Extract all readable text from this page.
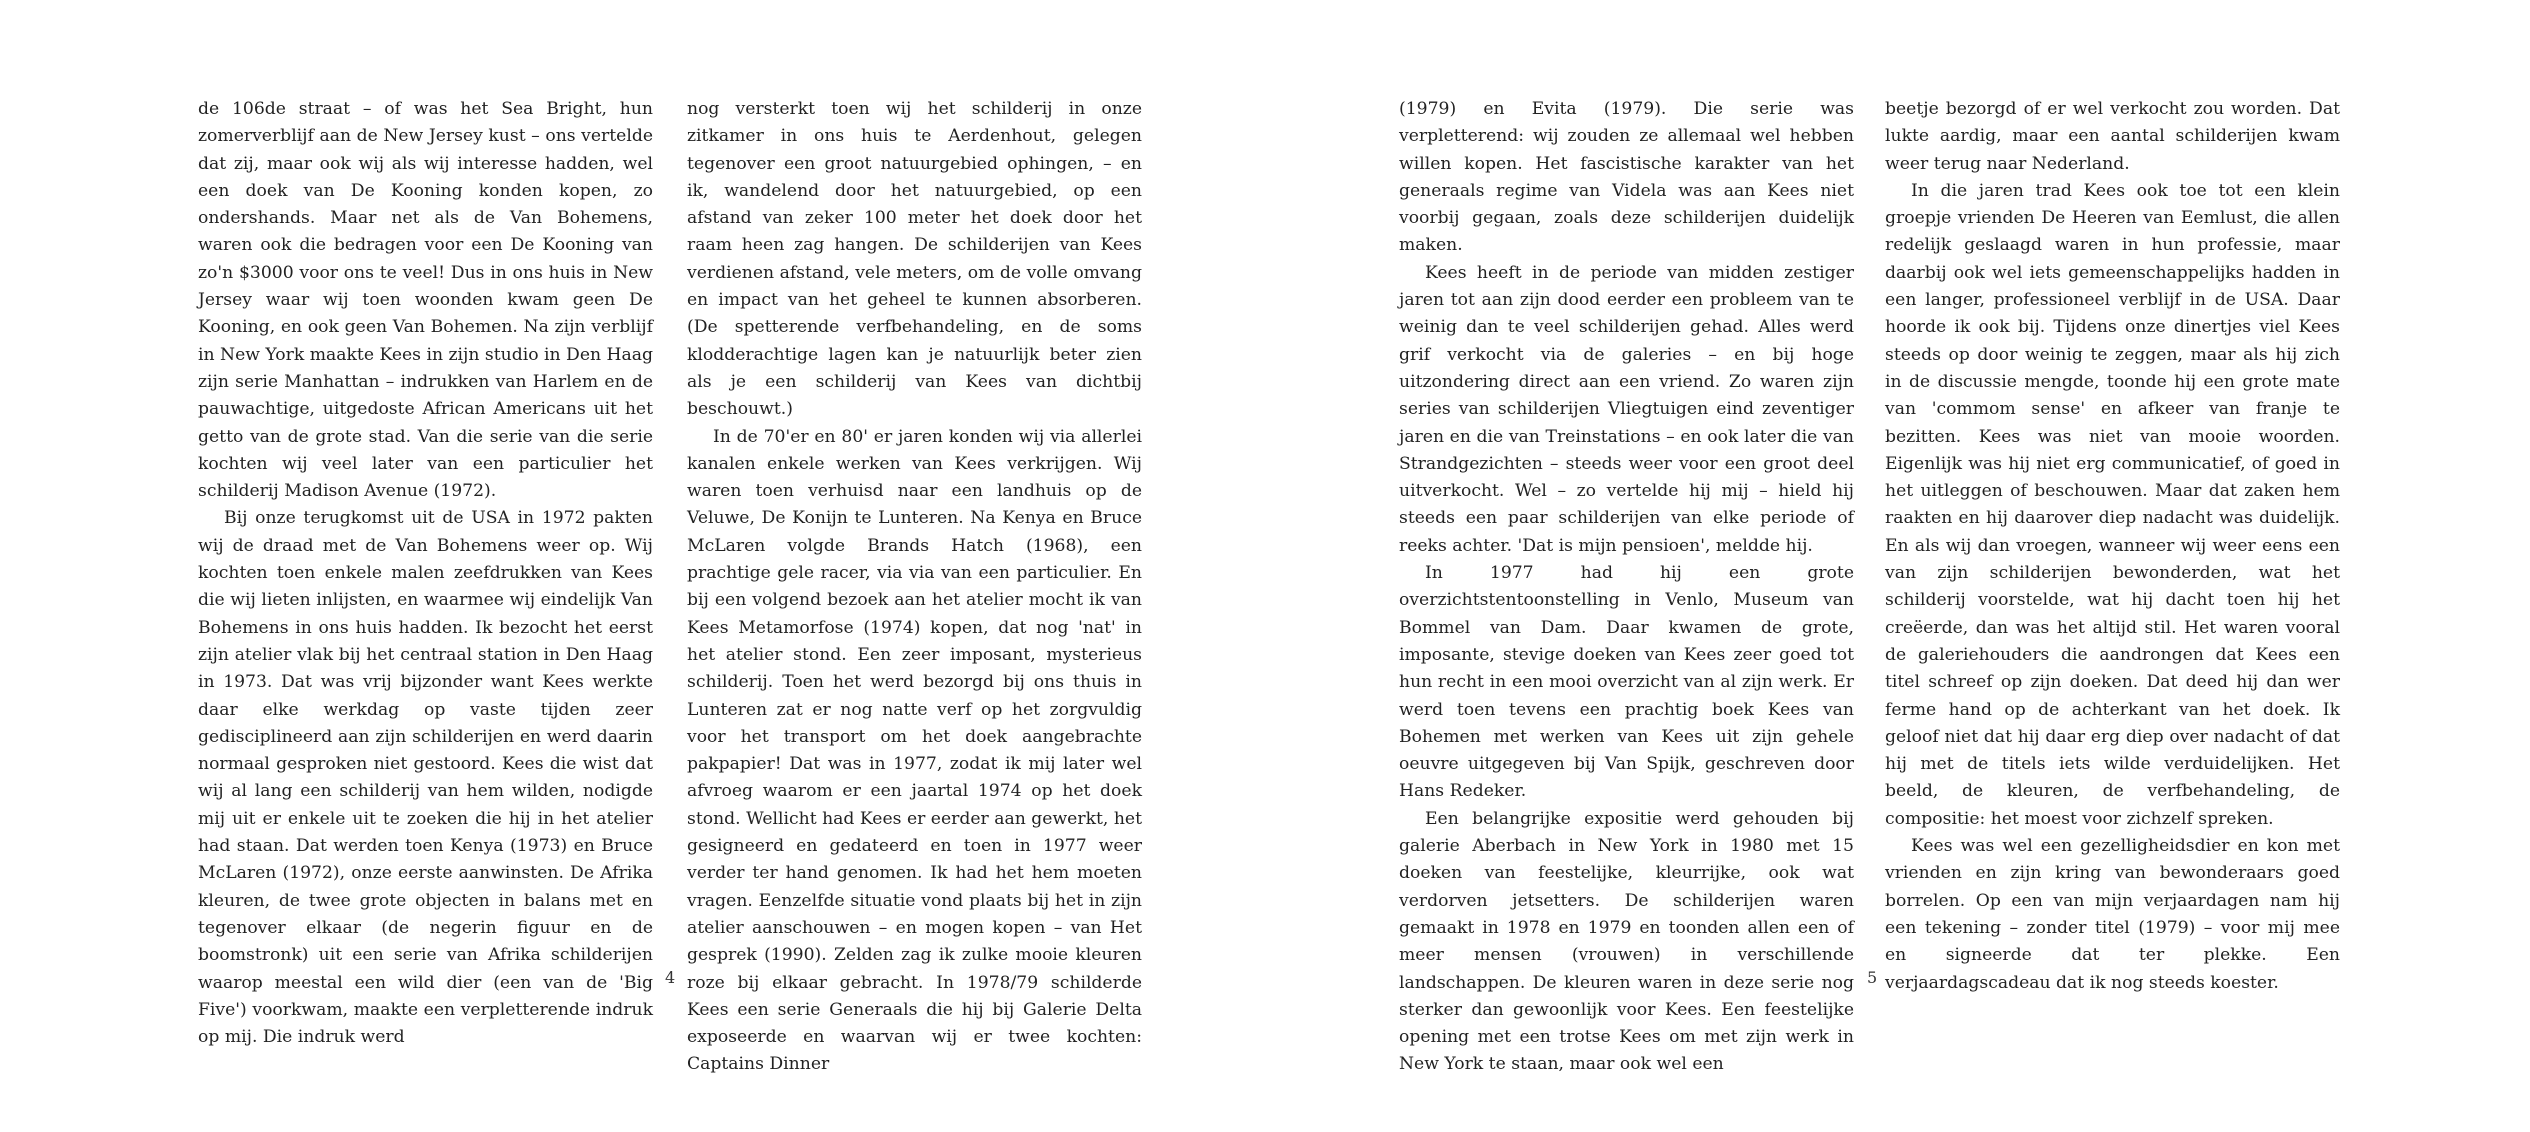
de 106de straat – of was het Sea Bright, hun zomerverblijf aan de New Jersey kust – ons vertelde dat zij, maar ook wij als wij interesse hadden, wel een doek van De Kooning konden kopen, zo ondershands. Maar net als de Van Bohemens, waren ook die bedragen voor een De Kooning van zo'n $3000 voor ons te veel! Dus in ons huis in New Jersey waar wij toen woonden kwam geen De Kooning, en ook geen Van Bohemen. Na zijn verblijf in New York maakte Kees in zijn studio in Den Haag zijn serie Manhattan – indrukken van Harlem en de pauwachtige, uitgedoste African Americans uit het getto van de grote stad. Van die serie van die serie kochten wij veel later van een particulier het schilderij Madison Avenue (1972).

Bij onze terugkomst uit de USA in 1972 pakten wij de draad met de Van Bohemens weer op. Wij kochten toen enkele malen zeefdrukken van Kees die wij lieten inlijsten, en waarmee wij eindelijk Van Bohemens in ons huis hadden. Ik bezocht het eerst zijn atelier vlak bij het centraal station in Den Haag in 1973. Dat was vrij bijzonder want Kees werkte daar elke werkdag op vaste tijden zeer gedisciplineerd aan zijn schilderijen en werd daarin normaal gesproken niet gestoord. Kees die wist dat wij al lang een schilderij van hem wilden, nodigde mij uit er enkele uit te zoeken die hij in het atelier had staan. Dat werden toen Kenya (1973) en Bruce McLaren (1972), onze eerste aanwinsten. De Afrika kleuren, de twee grote objecten in balans met en tegenover elkaar (de negerin figuur en de boomstronk) uit een serie van Afrika schilderijen waarop meestal een wild dier (een van de 'Big Five') voorkwam, maakte een verpletterende indruk op mij. Die indruk werd

nog versterkt toen wij het schilderij in onze zitkamer in ons huis te Aerdenhout, gelegen tegenover een groot natuurgebied ophingen, – en ik, wandelend door het natuurgebied, op een afstand van zeker 100 meter het doek door het raam heen zag hangen. De schilderijen van Kees verdienen afstand, vele meters, om de volle omvang en impact van het geheel te kunnen absorberen. (De spetterende verfbehandeling, en de soms klodderachtige lagen kan je natuurlijk beter zien als je een schilderij van Kees van dichtbij beschouwt.)

In de 70'er en 80' er jaren konden wij via allerlei kanalen enkele werken van Kees verkrijgen. Wij waren toen verhuisd naar een landhuis op de Veluwe, De Konijn te Lunteren. Na Kenya en Bruce McLaren volgde Brands Hatch (1968), een prachtige gele racer, via via van een particulier. En bij een volgend bezoek aan het atelier mocht ik van Kees Metamorfose (1974) kopen, dat nog 'nat' in het atelier stond. Een zeer imposant, mysterieus schilderij. Toen het werd bezorgd bij ons thuis in Lunteren zat er nog natte verf op het zorgvuldig voor het transport om het doek aangebrachte pakpapier! Dat was in 1977, zodat ik mij later wel afvroeg waarom er een jaartal 1974 op het doek stond. Wellicht had Kees er eerder aan gewerkt, het gesigneerd en gedateerd en toen in 1977 weer verder ter hand genomen. Ik had het hem moeten vragen. Eenzelfde situatie vond plaats bij het in zijn atelier aanschouwen – en mogen kopen – van Het gesprek (1990). Zelden zag ik zulke mooie kleuren roze bij elkaar gebracht. In 1978/79 schilderde Kees een serie Generaals die hij bij Galerie Delta exposeerde en waarvan wij er twee kochten: Captains Dinner

4

(1979) en Evita (1979). Die serie was verpletterend: wij zouden ze allemaal wel hebben willen kopen. Het fascistische karakter van het generaals regime van Videla was aan Kees niet voorbij gegaan, zoals deze schilderijen duidelijk maken.

Kees heeft in de periode van midden zestiger jaren tot aan zijn dood eerder een probleem van te weinig dan te veel schilderijen gehad. Alles werd grif verkocht via de galeries – en bij hoge uitzondering direct aan een vriend. Zo waren zijn series van schilderijen Vliegtuigen eind zeventiger jaren en die van Treinstations – en ook later die van Strandgezichten – steeds weer voor een groot deel uitverkocht. Wel – zo vertelde hij mij – hield hij steeds een paar schilderijen van elke periode of reeks achter. 'Dat is mijn pensioen', meldde hij.

In 1977 had hij een grote overzichtstentoonstelling in Venlo, Museum van Bommel van Dam. Daar kwamen de grote, imposante, stevige doeken van Kees zeer goed tot hun recht in een mooi overzicht van al zijn werk. Er werd toen tevens een prachtig boek Kees van Bohemen met werken van Kees uit zijn gehele oeuvre uitgegeven bij Van Spijk, geschreven door Hans Redeker.

Een belangrijke expositie werd gehouden bij galerie Aberbach in New York in 1980 met 15 doeken van feestelijke, kleurrijke, ook wat verdorven jetsetters. De schilderijen waren gemaakt in 1978 en 1979 en toonden allen een of meer mensen (vrouwen) in verschillende landschappen. De kleuren waren in deze serie nog sterker dan gewoonlijk voor Kees. Een feestelijke opening met een trotse Kees om met zijn werk in New York te staan, maar ook wel een

beetje bezorgd of er wel verkocht zou worden. Dat lukte aardig, maar een aantal schilderijen kwam weer terug naar Nederland.

In die jaren trad Kees ook toe tot een klein groepje vrienden De Heeren van Eemlust, die allen redelijk geslaagd waren in hun professie, maar daarbij ook wel iets gemeenschappelijks hadden in een langer, professioneel verblijf in de USA. Daar hoorde ik ook bij. Tijdens onze dinertjes viel Kees steeds op door weinig te zeggen, maar als hij zich in de discussie mengde, toonde hij een grote mate van 'commom sense' en afkeer van franje te bezitten. Kees was niet van mooie woorden. Eigenlijk was hij niet erg communicatief, of goed in het uitleggen of beschouwen. Maar dat zaken hem raakten en hij daarover diep nadacht was duidelijk. En als wij dan vroegen, wanneer wij weer eens een van zijn schilderijen bewonderden, wat het schilderij voorstelde, wat hij dacht toen hij het creëerde, dan was het altijd stil. Het waren vooral de galeriehouders die aandrongen dat Kees een titel schreef op zijn doeken. Dat deed hij dan wer ferme hand op de achterkant van het doek. Ik geloof niet dat hij daar erg diep over nadacht of dat hij met de titels iets wilde verduidelijken. Het beeld, de kleuren, de verfbehandeling, de compositie: het moest voor zichzelf spreken.

Kees was wel een gezelligheidsdier en kon met vrienden en zijn kring van bewonderaars goed borrelen. Op een van mijn verjaardagen nam hij een tekening – zonder titel (1979) – voor mij mee en signeerde dat ter plekke. Een verjaardagscadeau dat ik nog steeds koester.

5
